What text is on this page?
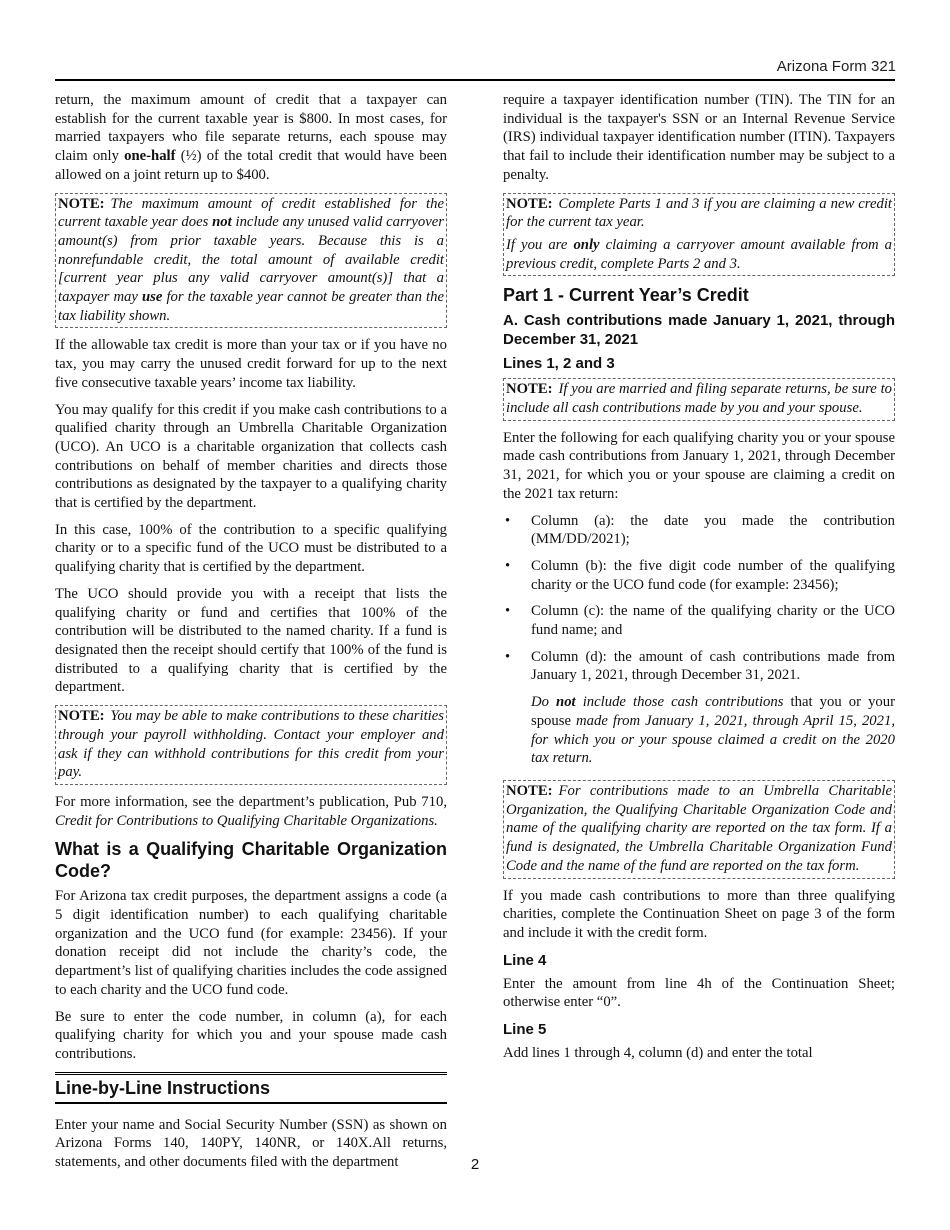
Arizona Form 321

return, the maximum amount of credit that a taxpayer can establish for the current taxable year is $800. In most cases, for married taxpayers who file separate returns, each spouse may claim only one-half (½) of the total credit that would have been allowed on a joint return up to $400.

NOTE: The maximum amount of credit established for the current taxable year does not include any unused valid carryover amount(s) from prior taxable years. Because this is a nonrefundable credit, the total amount of available credit [current year plus any valid carryover amount(s)] that a taxpayer may use for the taxable year cannot be greater than the tax liability shown.

If the allowable tax credit is more than your tax or if you have no tax, you may carry the unused credit forward for up to the next five consecutive taxable years’ income tax liability.

You may qualify for this credit if you make cash contributions to a qualified charity through an Umbrella Charitable Organization (UCO). An UCO is a charitable organization that collects cash contributions on behalf of member charities and directs those contributions as designated by the taxpayer to a qualifying charity that is certified by the department.

In this case, 100% of the contribution to a specific qualifying charity or to a specific fund of the UCO must be distributed to a qualifying charity that is certified by the department.

The UCO should provide you with a receipt that lists the qualifying charity or fund and certifies that 100% of the contribution will be distributed to the named charity. If a fund is designated then the receipt should certify that 100% of the fund is distributed to a qualifying charity that is certified by the department.

NOTE: You may be able to make contributions to these charities through your payroll withholding. Contact your employer and ask if they can withhold contributions for this credit from your pay.

For more information, see the department’s publication, Pub 710, Credit for Contributions to Qualifying Charitable Organizations.

What is a Qualifying Charitable Organization Code?

For Arizona tax credit purposes, the department assigns a code (a 5 digit identification number) to each qualifying charitable organization and the UCO fund (for example: 23456). If your donation receipt did not include the charity’s code, the department’s list of qualifying charities includes the code assigned to each charity and the UCO fund code.

Be sure to enter the code number, in column (a), for each qualifying charity for which you and your spouse made cash contributions.

Line-by-Line Instructions

Enter your name and Social Security Number (SSN) as shown on Arizona Forms 140, 140PY, 140NR, or 140X.All returns, statements, and other documents filed with the department

require a taxpayer identification number (TIN). The TIN for an individual is the taxpayer's SSN or an Internal Revenue Service (IRS) individual taxpayer identification number (ITIN). Taxpayers that fail to include their identification number may be subject to a penalty.

NOTE: Complete Parts 1 and 3 if you are claiming a new credit for the current tax year.

If you are only claiming a carryover amount available from a previous credit, complete Parts 2 and 3.

Part 1 - Current Year’s Credit
A. Cash contributions made January 1, 2021, through December 31, 2021
Lines 1, 2 and 3

NOTE: If you are married and filing separate returns, be sure to include all cash contributions made by you and your spouse.

Enter the following for each qualifying charity you or your spouse made cash contributions from January 1, 2021, through December 31, 2021, for which you or your spouse are claiming a credit on the 2021 tax return:

• Column (a): the date you made the contribution (MM/DD/2021);
• Column (b): the five digit code number of the qualifying charity or the UCO fund code (for example: 23456);
• Column (c): the name of the qualifying charity or the UCO fund name; and
• Column (d): the amount of cash contributions made from January 1, 2021, through December 31, 2021.

Do not include those cash contributions that you or your spouse made from January 1, 2021, through April 15, 2021, for which you or your spouse claimed a credit on the 2020 tax return.

NOTE: For contributions made to an Umbrella Charitable Organization, the Qualifying Charitable Organization Code and name of the qualifying charity are reported on the tax form. If a fund is designated, the Umbrella Charitable Organization Fund Code and the name of the fund are reported on the tax form.

If you made cash contributions to more than three qualifying charities, complete the Continuation Sheet on page 3 of the form and include it with the credit form.

Line 4

Enter the amount from line 4h of the Continuation Sheet; otherwise enter “0”.

Line 5

Add lines 1 through 4, column (d) and enter the total

2
